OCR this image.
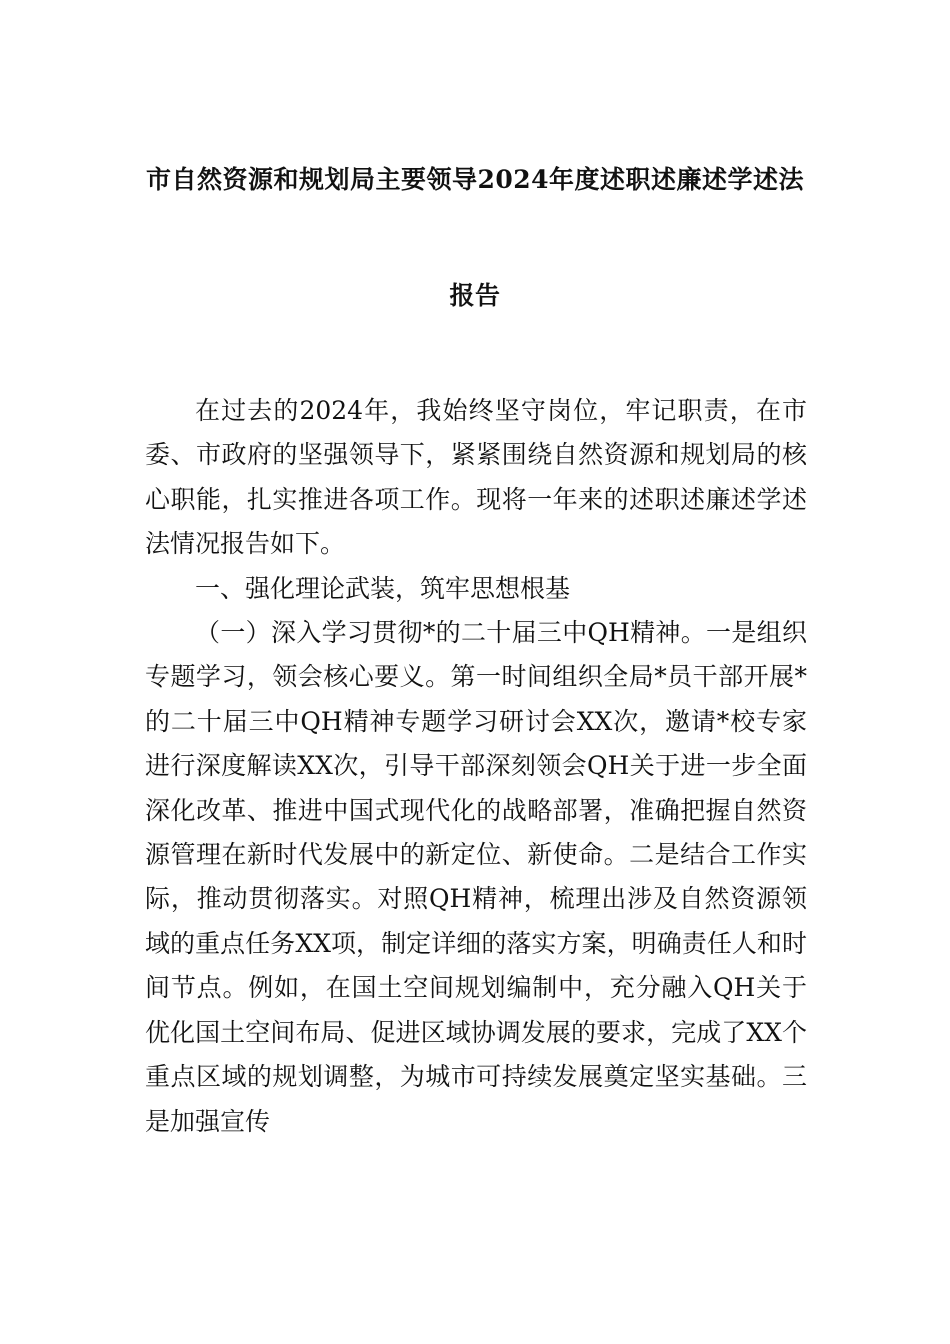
市自然资源和规划局主要领导2024年度述职述廉述学述法
报告

在过去的2024年，我始终坚守岗位，牢记职责，在市委、市政府的坚强领导下，紧紧围绕自然资源和规划局的核心职能，扎实推进各项工作。现将一年来的述职述廉述学述法情况报告如下。

一、强化理论武装，筑牢思想根基

（一）深入学习贯彻*的二十届三中QH精神。一是组织专题学习，领会核心要义。第一时间组织全局*员干部开展*的二十届三中QH精神专题学习研讨会XX次，邀请*校专家进行深度解读XX次，引导干部深刻领会QH关于进一步全面深化改革、推进中国式现代化的战略部署，准确把握自然资源管理在新时代发展中的新定位、新使命。二是结合工作实际，推动贯彻落实。对照QH精神，梳理出涉及自然资源领域的重点任务XX项，制定详细的落实方案，明确责任人和时间节点。例如，在国土空间规划编制中，充分融入QH关于优化国土空间布局、促进区域协调发展的要求，完成了XX个重点区域的规划调整，为城市可持续发展奠定坚实基础。三是加强宣传
